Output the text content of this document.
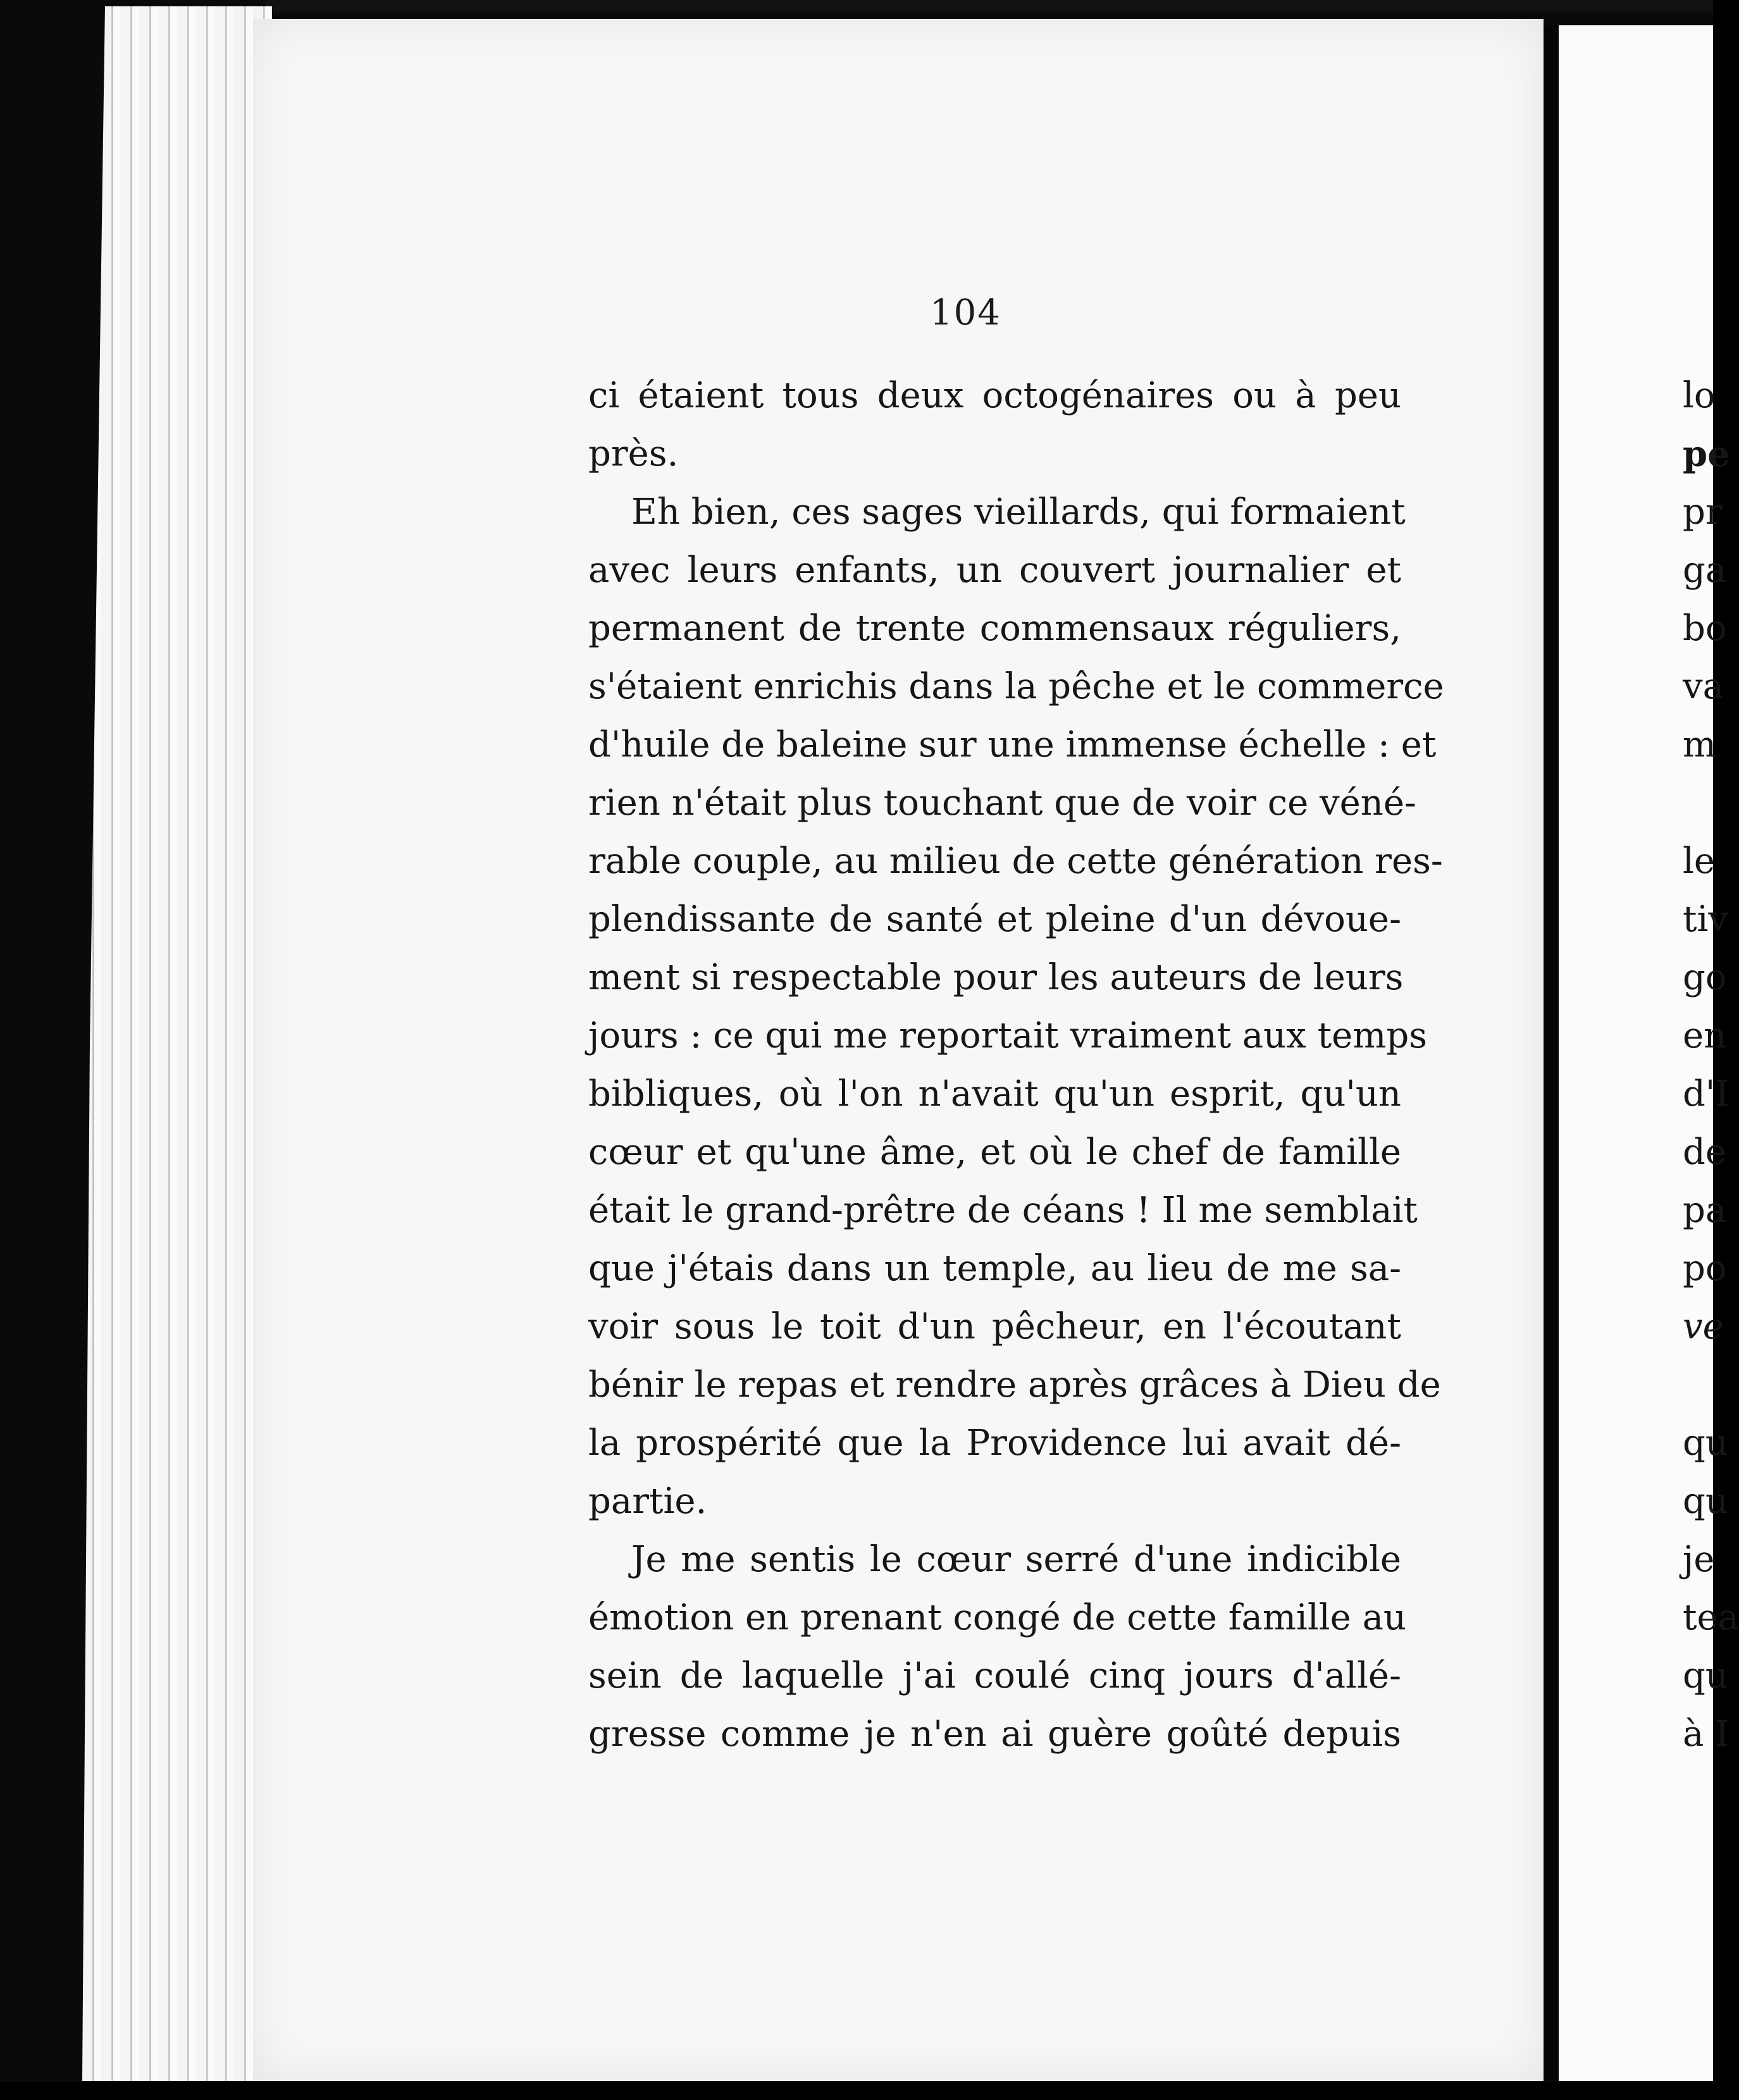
104
ci étaient tous deux octogénaires ou à peu
près.
Eh bien, ces sages vieillards, qui formaient
avec leurs enfants, un couvert journalier et
permanent de trente commensaux réguliers,
s'étaient enrichis dans la pêche et le commerce
d'huile de baleine sur une immense échelle : et
rien n'était plus touchant que de voir ce véné-
rable couple, au milieu de cette génération res-
plendissante de santé et pleine d'un dévoue-
ment si respectable pour les auteurs de leurs
jours : ce qui me reportait vraiment aux temps
bibliques, où l'on n'avait qu'un esprit, qu'un
cœur et qu'une âme, et où le chef de famille
était le grand-prêtre de céans ! Il me semblait
que j'étais dans un temple, au lieu de me sa-
voir sous le toit d'un pêcheur, en l'écoutant
bénir le repas et rendre après grâces à Dieu de
la prospérité que la Providence lui avait dé-
partie.
Je me sentis le cœur serré d'une indicible
émotion en prenant congé de cette famille au
sein de laquelle j'ai coulé cinq jours d'allé-
gresse comme je n'en ai guère goûté depuis
lo
pe
pr
ga
bo
va
m
le
tiv
go
en
d'I
de
pa
po
ve
qu
qu
je
tea
qu
à I
